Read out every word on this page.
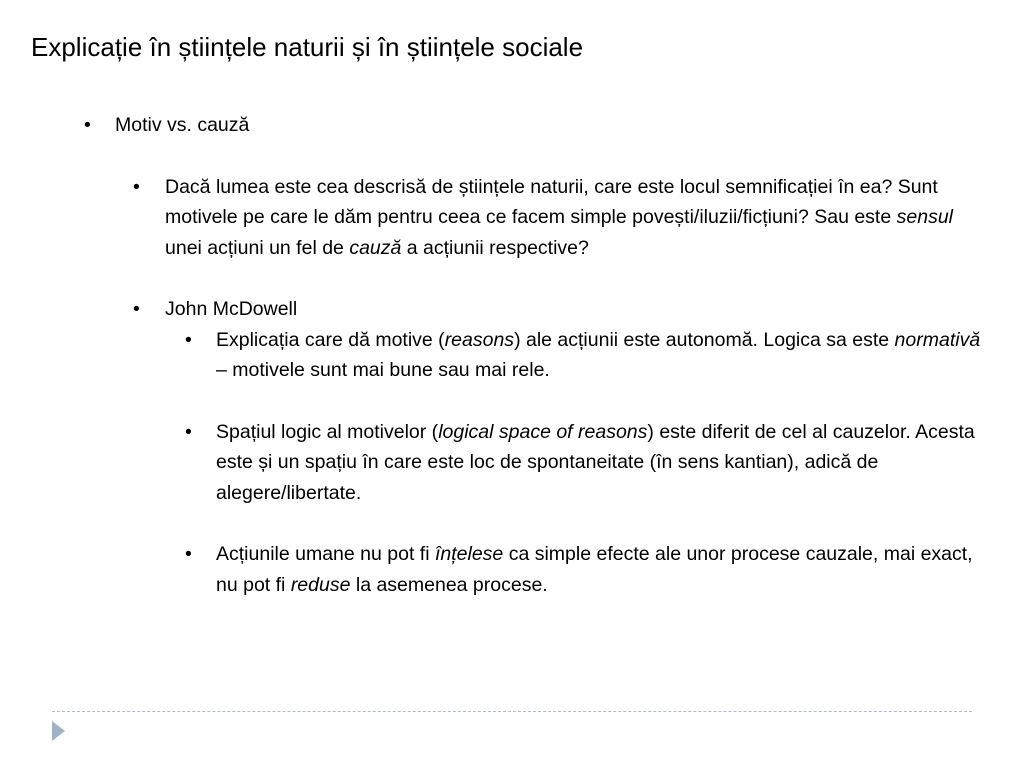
Explicație în științele naturii și în științele sociale
• Motiv vs. cauză
• Dacă lumea este cea descrisă de științele naturii, care este locul semnificației în ea? Sunt motivele pe care le dăm pentru ceea ce facem simple povești/iluzii/ficțiuni? Sau este sensul unei acțiuni un fel de cauză a acțiunii respective?
• John McDowell
• Explicația care dă motive (reasons) ale acțiunii este autonomă. Logica sa este normativă – motivele sunt mai bune sau mai rele.
• Spațiul logic al motivelor (logical space of reasons) este diferit de cel al cauzelor. Acesta este și un spațiu în care este loc de spontaneitate (în sens kantian), adică de alegere/libertate.
• Acțiunile umane nu pot fi înțelese ca simple efecte ale unor procese cauzale, mai exact, nu pot fi reduse la asemenea procese.
